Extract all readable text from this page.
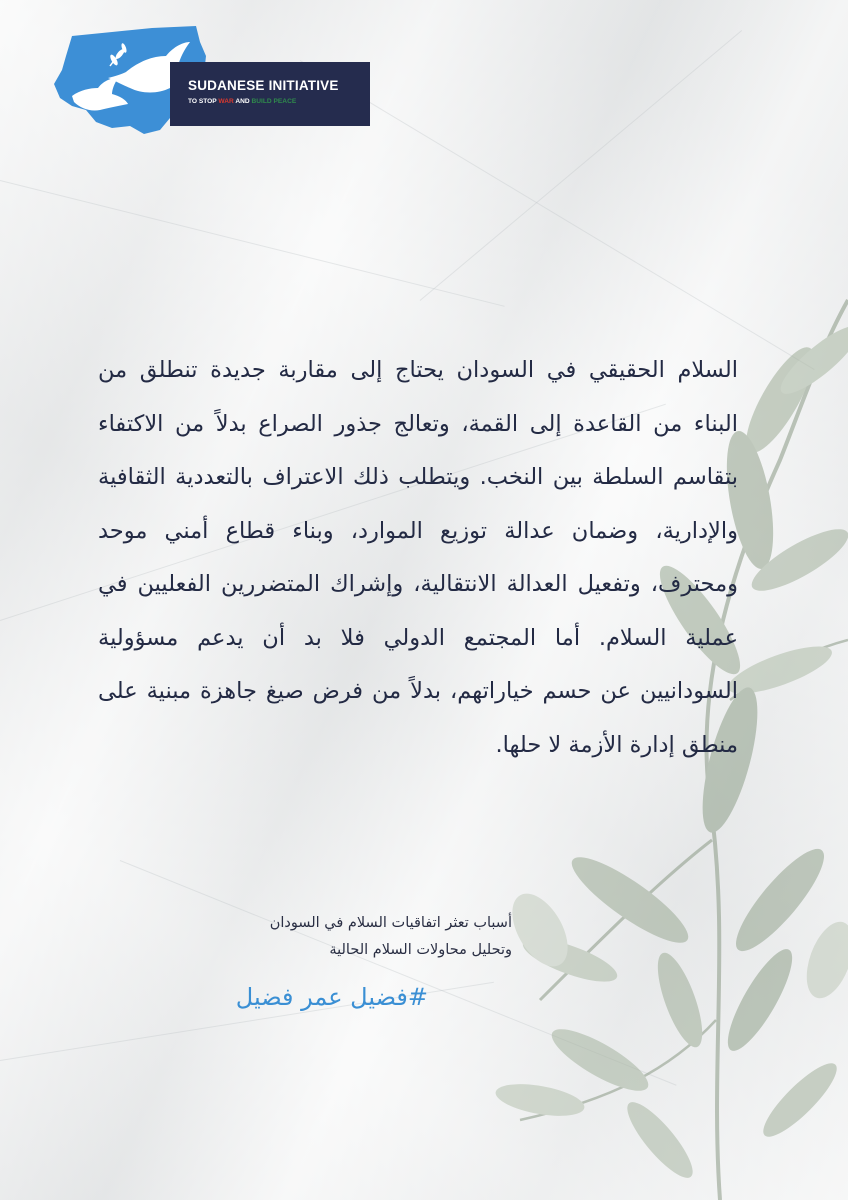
SUDANESE INITIATIVE
TO STOP WAR AND BUILD PEACE

السلام الحقيقي في السودان يحتاج إلى مقاربة جديدة تنطلق من البناء من القاعدة إلى القمة، وتعالج جذور الصراع بدلاً من الاكتفاء بتقاسم السلطة بين النخب. ويتطلب ذلك الاعتراف بالتعددية الثقافية والإدارية، وضمان عدالة توزيع الموارد، وبناء قطاع أمني موحد ومحترف، وتفعيل العدالة الانتقالية، وإشراك المتضررين الفعليين في عملية السلام. أما المجتمع الدولي فلا بد أن يدعم مسؤولية السودانيين عن حسم خياراتهم، بدلاً من فرض صيغ جاهزة مبنية على منطق إدارة الأزمة لا حلها.

أسباب تعثر اتفاقيات السلام في السودان
وتحليل محاولات السلام الحالية
#فضيل عمر فضيل
